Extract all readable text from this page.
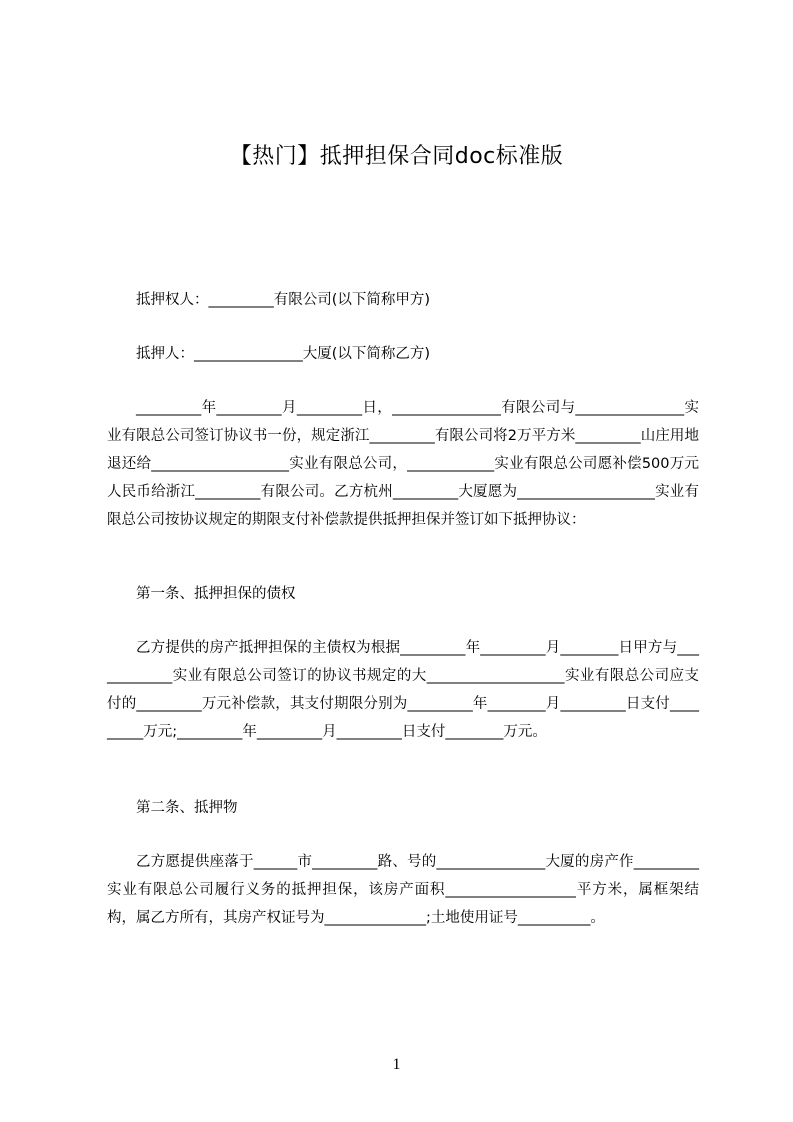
【热门】抵押担保合同doc标准版
抵押权人：_________有限公司(以下简称甲方)
抵押人：_______________大厦(以下简称乙方)

_________年_________月_________日，_______________有限公司与_______________实业有限总公司签订协议书一份，规定浙江_________有限公司将2万平方米_________山庄用地退还给___________________实业有限总公司，____________实业有限总公司愿补偿500万元人民币给浙江_________有限公司。乙方杭州_________大厦愿为___________________实业有限总公司按协议规定的期限支付补偿款提供抵押担保并签订如下抵押协议：

第一条、抵押担保的债权

乙方提供的房产抵押担保的主债权为根据_________年_________月________日甲方与____________实业有限总公司签订的协议书规定的大___________________实业有限总公司应支付的_________万元补偿款，其支付期限分别为_________年________月_________日支付_________万元;_________年_________月_________日支付________万元。

第二条、抵押物

乙方愿提供座落于______市_________路、号的_______________大厦的房产作_________实业有限总公司履行义务的抵押担保，该房产面积__________________平方米，属框架结构，属乙方所有，其房产权证号为______________;土地使用证号__________。

1
